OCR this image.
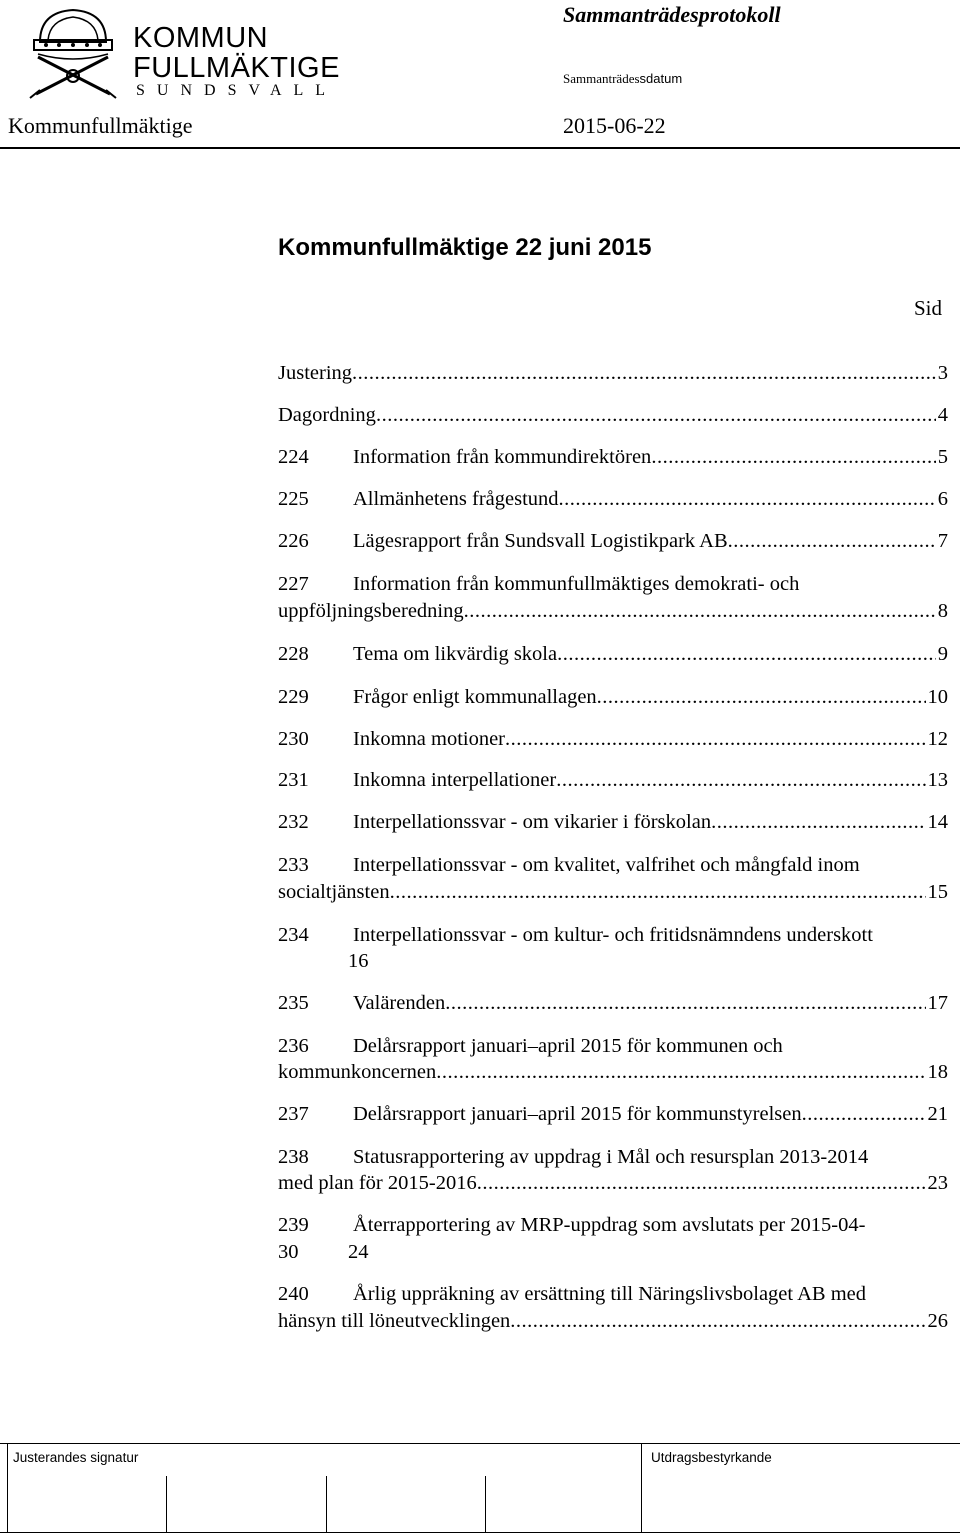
KOMMUN
FULLMÄKTIGE
SUNDSVALL
Sammanträdesprotokoll
Sammanträdessdatum
Kommunfullmäktige	2015-06-22
Kommunfullmäktige 22 juni 2015
Sid
Justering .....	3
Dagordning .....	4
224	Information från kommundirektören .....	5
225	Allmänhetens frågestund .....	6
226	Lägesrapport från Sundsvall Logistikpark AB .....	7
227 Information från kommunfullmäktiges demokrati- och
uppföljningsberedning .....	8
228	Tema om likvärdig skola .....	9
229	Frågor enligt kommunallagen .....	10
230	Inkomna motioner .....	12
231	Inkomna interpellationer .....	13
232	Interpellationssvar - om vikarier i förskolan .....	14
233 Interpellationssvar - om kvalitet, valfrihet och mångfald inom
socialtjänsten .....	15
234 Interpellationssvar - om kultur- och fritidsnämndens underskott
16
235	Valärenden .....	17
236 Delårsrapport januari–april 2015 för kommunen och
kommunkoncernen .....	18
237	Delårsrapport januari–april 2015 för kommunstyrelsen .....	21
238 Statusrapportering av uppdrag i Mål och resursplan 2013-2014
med plan för 2015-2016 .....	23
239 Återrapportering av MRP-uppdrag som avslutats per 2015-04-
30 24
240 Årlig uppräkning av ersättning till Näringslivsbolaget AB med
hänsyn till löneutvecklingen .....	26
Justerandes signatur	Utdragsbestyrkande
